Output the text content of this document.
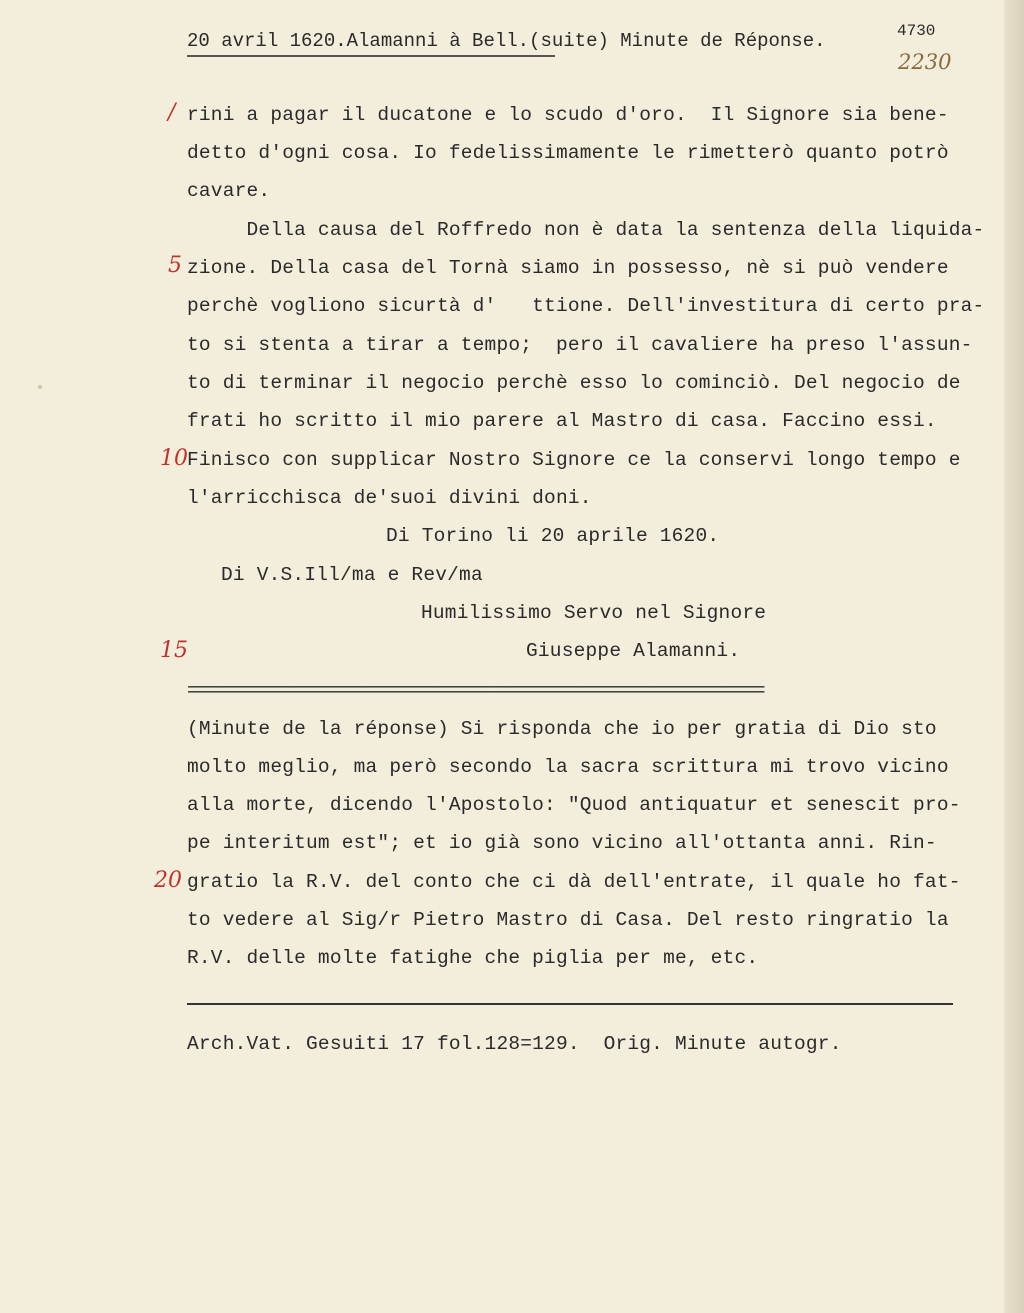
20 avril 1620.Alamanni à Bell.(suite) Minute de Réponse.	4730
2230
/
5
10
15
20
rini a pagar il ducatone e lo scudo d'oro.  Il Signore sia bene-
detto d'ogni cosa. Io fedelissimamente le rimetterò quanto potrò
cavare.
Della causa del Roffredo non è data la sentenza della liquida-
zione. Della casa del Tornà siamo in possesso, nè si può vendere
perchè vogliono sicurtà d'   ttione. Dell'investitura di certo pra-
to si stenta a tirar a tempo;  pero il cavaliere ha preso l'assun-
to di terminar il negocio perchè esso lo cominciò. Del negocio de
frati ho scritto il mio parere al Mastro di casa. Faccino essi.
Finisco con supplicar Nostro Signore ce la conservi longo tempo e
l'arricchisca de'suoi divini doni.
Di Torino li 20 aprile 1620.
Di V.S.Ill/ma e Rev/ma
Humilissimo Servo nel Signore
Giuseppe Alamanni.
================================================================
(Minute de la réponse) Si risponda che io per gratia di Dio sto
molto meglio, ma però secondo la sacra scrittura mi trovo vicino
alla morte, dicendo l'Apostolo: "Quod antiquatur et senescit pro-
pe interitum est"; et io già sono vicino all'ottanta anni. Rin-
gratio la R.V. del conto che ci dà dell'entrate, il quale ho fat-
to vedere al Sig/r Pietro Mastro di Casa. Del resto ringratio la
R.V. delle molte fatighe che piglia per me, etc.
Arch.Vat. Gesuiti 17 fol.128=129.  Orig. Minute autogr.
